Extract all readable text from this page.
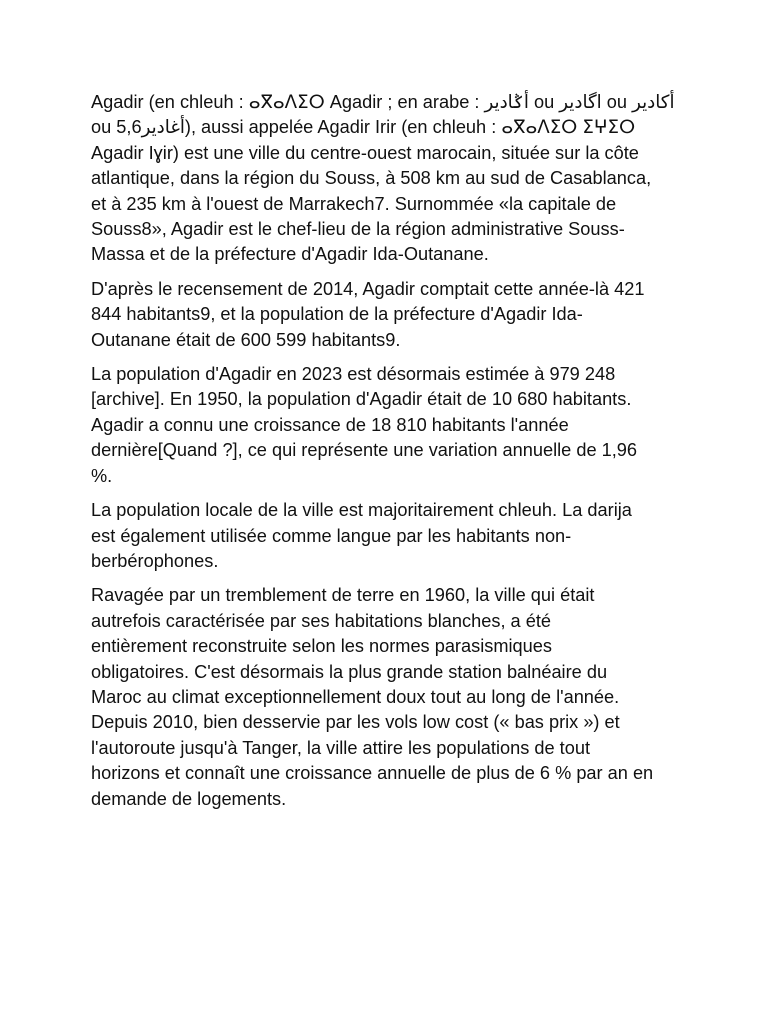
Agadir (en chleuh : ⴰⴳⴰⴷⵉⵔ Agadir ; en arabe : أݣادير ou اگادير ou أكادير
ou 5,6أغادير), aussi appelée Agadir Irir (en chleuh : ⴰⴳⴰⴷⵉⵔ ⵉⵖⵉⵔ
Agadir Iɣir) est une ville du centre-ouest marocain, située sur la côte
atlantique, dans la région du Souss, à 508 km au sud de Casablanca,
et à 235 km à l'ouest de Marrakech7. Surnommée «la capitale de
Souss8», Agadir est le chef-lieu de la région administrative Souss-
Massa et de la préfecture d'Agadir Ida-Outanane.

D'après le recensement de 2014, Agadir comptait cette année-là 421
844 habitants9, et la population de la préfecture d'Agadir Ida-
Outanane était de 600 599 habitants9.

La population d'Agadir en 2023 est désormais estimée à 979 248
[archive]. En 1950, la population d'Agadir était de 10 680 habitants.
Agadir a connu une croissance de 18 810 habitants l'année
dernière[Quand ?], ce qui représente une variation annuelle de 1,96
%.

La population locale de la ville est majoritairement chleuh. La darija
est également utilisée comme langue par les habitants non-
berbérophones.

Ravagée par un tremblement de terre en 1960, la ville qui était
autrefois caractérisée par ses habitations blanches, a été
entièrement reconstruite selon les normes parasismiques
obligatoires. C'est désormais la plus grande station balnéaire du
Maroc au climat exceptionnellement doux tout au long de l'année.
Depuis 2010, bien desservie par les vols low cost (« bas prix ») et
l'autoroute jusqu'à Tanger, la ville attire les populations de tout
horizons et connaît une croissance annuelle de plus de 6 % par an en
demande de logements.
